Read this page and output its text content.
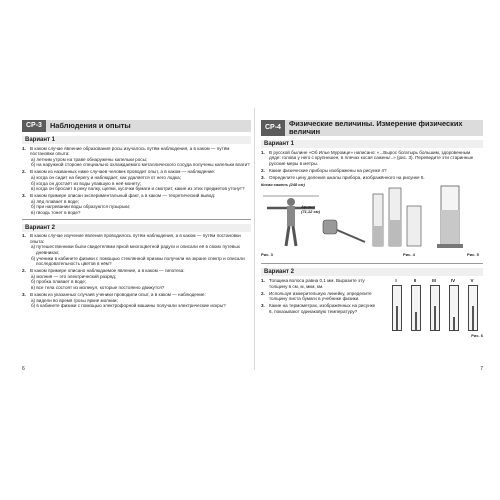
СР-3	Наблюдения и опыты
Вариант 1
1. В каком случае явление образования росы изучалось путём наблюдения, а в каком — путём постановки опыта:
а) летним утром на траве обнаружены капельки росы;
б) на наружной стороне специально охлаждаемого металлического сосуда получены капельки влаги?
2. В каком из названных ниже случаев человек проводит опыт, а в каком — наблюдение:
а) когда он сидит на берегу и наблюдает, как удаляется от него лодка;
б) когда он достаёт из воды упавшую в неё монету;
в) когда он бросает в реку палку, щепки, кусочки бумаги и смотрит, какие из этих предметов утонут?
3. В каком примере описан экспериментальный факт, а в каком — теоретический вывод:
а) лёд плавает в воде;
б) при нагревании воды образуются пузырьки;
в) гвоздь тонет в воде?
Вариант 2
1. В каком случае изучение явления проводилось путём наблюдения, а в каком — путём постановки опыта:
а) путешественники были свидетелями яркой многоцветной радуги и описали её в своих путевых дневниках;
б) ученики в кабинете физики с помощью стеклянной призмы получили на экране спектр и описали последовательность цветов в нём?
2. В каком примере описано наблюдаемое явление, а в каком — гипотеза:
а) молния — это электрический разряд;
б) пробка плавает в воде;
в) все тела состоят из молекул, которые постоянно движутся?
3. В каком из указанных случаев ученики проводили опыт, а в каком — наблюдение:
а) видели во время грозы яркие молнии;
б) в кабинете физики с помощью электрофорной машины получали электрические искры?
6
СР-4	Физические величины. Измерение физических величин
Вариант 1
1. В русской былине «Об Илье Муромце» написано: «...Вырос богатырь большим, здоровенным дяде: голова у него с крупнешен, в плечах косая сажень!..» (рис. 3). Переведите эти старинные русские меры в метры.
2. Какие физические приборы изображены на рисунке 4?
3. Определите цену деления шкалы прибора, изображённого на рисунке 5.
Косая сажень (248 см)
Аршин (71,12 см)
Рис. 3	Рис. 4	Рис. 5
Вариант 2
1. Толщина волоса равна 0,1 мм. Выразите эту толщину в см, м, мкм, км.
2. Используя измерительную линейку, определите толщину листа бумаги в учебнике физики.
3. Какие на термометрах, изображённых на рисунке 6, показывают одинаковую температуру?
I	II	III	IV	V
Рис. 6
7
